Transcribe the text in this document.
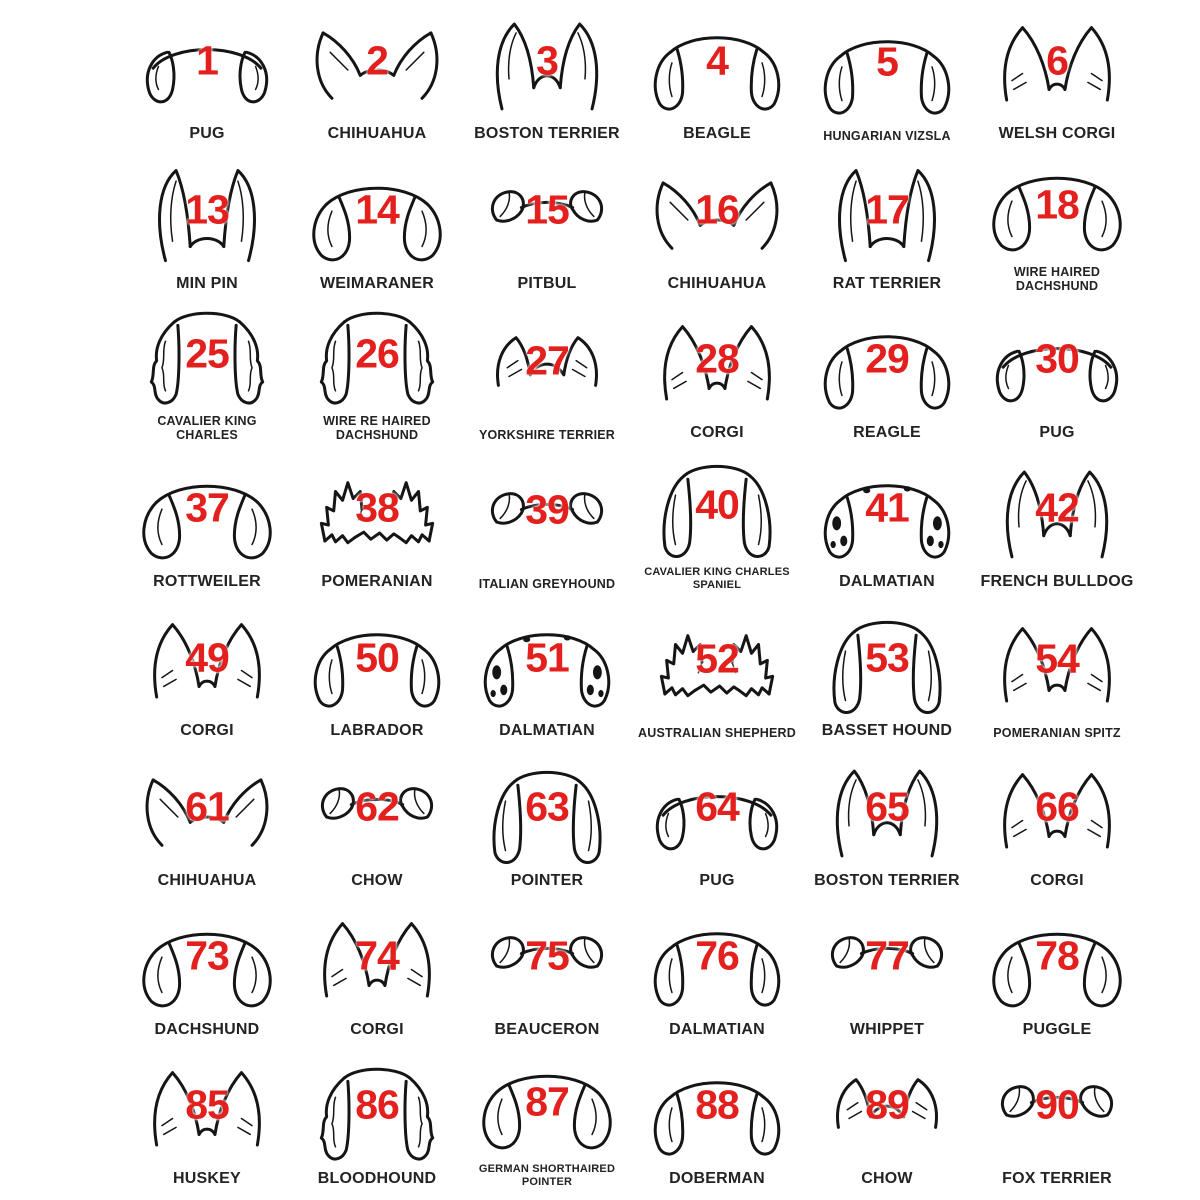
1
PUG
2
CHIHUAHUA
3
BOSTON TERRIER
4
BEAGLE
5
HUNGARIAN VIZSLA
6
WELSH CORGI
13
MIN PIN
14
WEIMARANER
15
PITBUL
16
CHIHUAHUA
17
RAT TERRIER
18
WIRE HAIRED DACHSHUND
25
CAVALIER KING CHARLES
26
WIRE RE HAIRED DACHSHUND
27
YORKSHIRE TERRIER
28
CORGI
29
REAGLE
30
PUG
37
ROTTWEILER
38
POMERANIAN
39
ITALIAN GREYHOUND
40
CAVALIER KING CHARLES SPANIEL
41
DALMATIAN
42
FRENCH BULLDOG
49
CORGI
50
LABRADOR
51
DALMATIAN
52
AUSTRALIAN SHEPHERD
53
BASSET HOUND
54
POMERANIAN SPITZ
61
CHIHUAHUA
62
CHOW
63
POINTER
64
PUG
65
BOSTON TERRIER
66
CORGI
73
DACHSHUND
74
CORGI
75
BEAUCERON
76
DALMATIAN
77
WHIPPET
78
PUGGLE
85
HUSKEY
86
BLOODHOUND
87
GERMAN SHORTHAIRED POINTER
88
DOBERMAN
89
CHOW
90
FOX TERRIER
